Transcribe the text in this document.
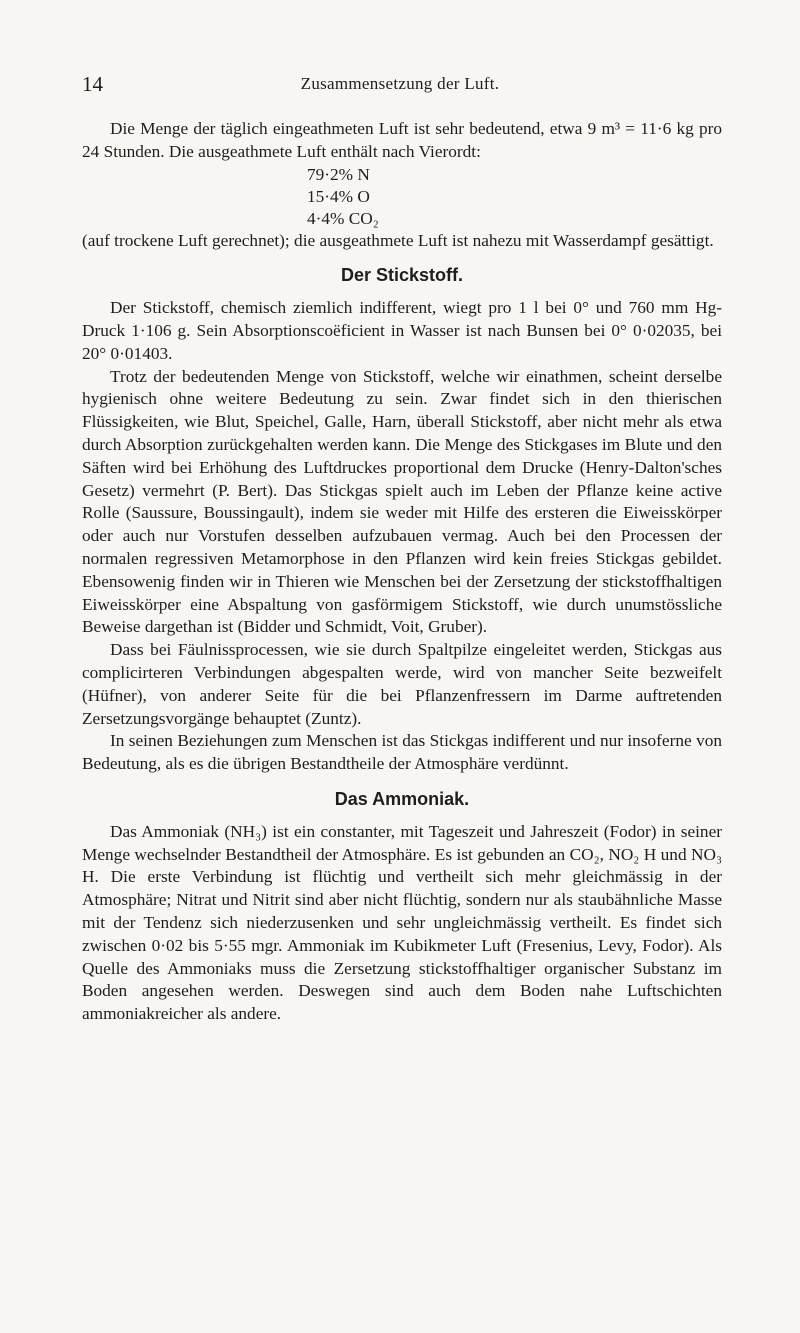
14	Zusammensetzung der Luft.

Die Menge der täglich eingeathmeten Luft ist sehr bedeutend, etwa 9 m³ = 11·6 kg pro 24 Stunden. Die ausgeathmete Luft enthält nach Vierordt:

79·2% N
15·4% O
4·4% CO₂

(auf trockene Luft gerechnet); die ausgeathmete Luft ist nahezu mit Wasserdampf gesättigt.

Der Stickstoff.

Der Stickstoff, chemisch ziemlich indifferent, wiegt pro 1 l bei 0° und 760 mm Hg-Druck 1·106 g. Sein Absorptionscoëficient in Wasser ist nach Bunsen bei 0° 0·02035, bei 20° 0·01403.

Trotz der bedeutenden Menge von Stickstoff, welche wir einathmen, scheint derselbe hygienisch ohne weitere Bedeutung zu sein. Zwar findet sich in den thierischen Flüssigkeiten, wie Blut, Speichel, Galle, Harn, überall Stickstoff, aber nicht mehr als etwa durch Absorption zurückgehalten werden kann. Die Menge des Stickgases im Blute und den Säften wird bei Erhöhung des Luftdruckes proportional dem Drucke (Henry-Dalton'sches Gesetz) vermehrt (P. Bert). Das Stickgas spielt auch im Leben der Pflanze keine active Rolle (Saussure, Boussingault), indem sie weder mit Hilfe des ersteren die Eiweisskörper oder auch nur Vorstufen desselben aufzubauen vermag. Auch bei den Processen der normalen regressiven Metamorphose in den Pflanzen wird kein freies Stickgas gebildet. Ebensowenig finden wir in Thieren wie Menschen bei der Zersetzung der stickstoffhaltigen Eiweisskörper eine Abspaltung von gasförmigem Stickstoff, wie durch unumstössliche Beweise dargethan ist (Bidder und Schmidt, Voit, Gruber).

Dass bei Fäulnissprocessen, wie sie durch Spaltpilze eingeleitet werden, Stickgas aus complicirteren Verbindungen abgespalten werde, wird von mancher Seite bezweifelt (Hüfner), von anderer Seite für die bei Pflanzenfressern im Darme auftretenden Zersetzungsvorgänge behauptet (Zuntz).

In seinen Beziehungen zum Menschen ist das Stickgas indifferent und nur insoferne von Bedeutung, als es die übrigen Bestandtheile der Atmosphäre verdünnt.

Das Ammoniak.

Das Ammoniak (NH₃) ist ein constanter, mit Tageszeit und Jahreszeit (Fodor) in seiner Menge wechselnder Bestandtheil der Atmosphäre. Es ist gebunden an CO₂, NO₂ H und NO₃ H. Die erste Verbindung ist flüchtig und vertheilt sich mehr gleichmässig in der Atmosphäre; Nitrat und Nitrit sind aber nicht flüchtig, sondern nur als staubähnliche Masse mit der Tendenz sich niederzusenken und sehr ungleichmässig vertheilt. Es findet sich zwischen 0·02 bis 5·55 mgr. Ammoniak im Kubikmeter Luft (Fresenius, Levy, Fodor). Als Quelle des Ammoniaks muss die Zersetzung stickstoffhaltiger organischer Substanz im Boden angesehen werden. Deswegen sind auch dem Boden nahe Luftschichten ammoniakreicher als andere.
